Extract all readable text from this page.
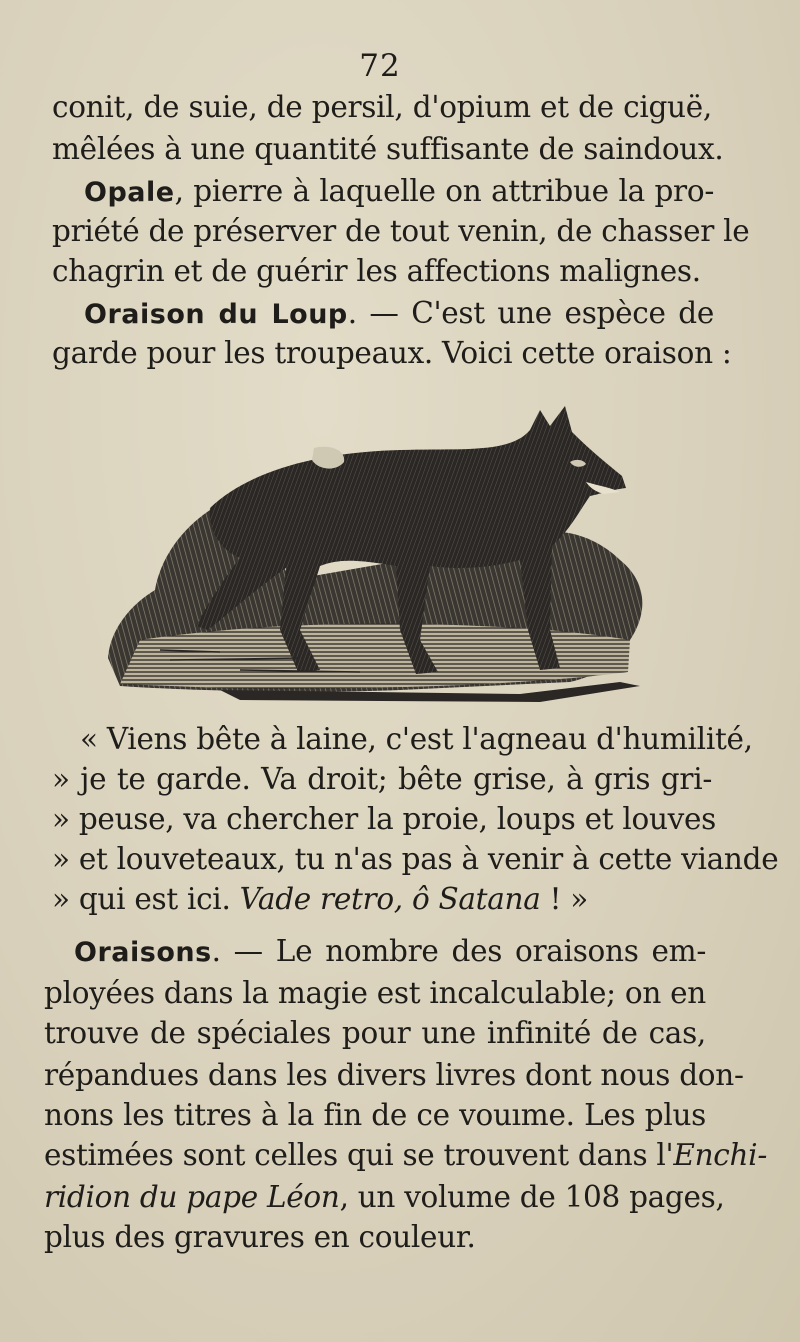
72
conit, de suie, de persil, d'opium et de ciguë,
mêlées à une quantité suffisante de saindoux.
Opale, pierre à laquelle on attribue la pro-
priété de préserver de tout venin, de chasser le
chagrin et de guérir les affections malignes.
Oraison du Loup. — C'est une espèce de
garde pour les troupeaux. Voici cette oraison :
« Viens bête à laine, c'est l'agneau d'humilité,
» je te garde. Va droit; bête grise, à gris gri-
» peuse, va chercher la proie, loups et louves
» et louveteaux, tu n'as pas à venir à cette viande
» qui est ici. Vade retro, ô Satana ! »
Oraisons. — Le nombre des oraisons em-
ployées dans la magie est incalculable; on en
trouve de spéciales pour une infinité de cas,
répandues dans les divers livres dont nous don-
nons les titres à la fin de ce vouıme. Les plus
estimées sont celles qui se trouvent dans l'Enchi-
ridion du pape Léon, un volume de 108 pages,
plus des gravures en couleur.
